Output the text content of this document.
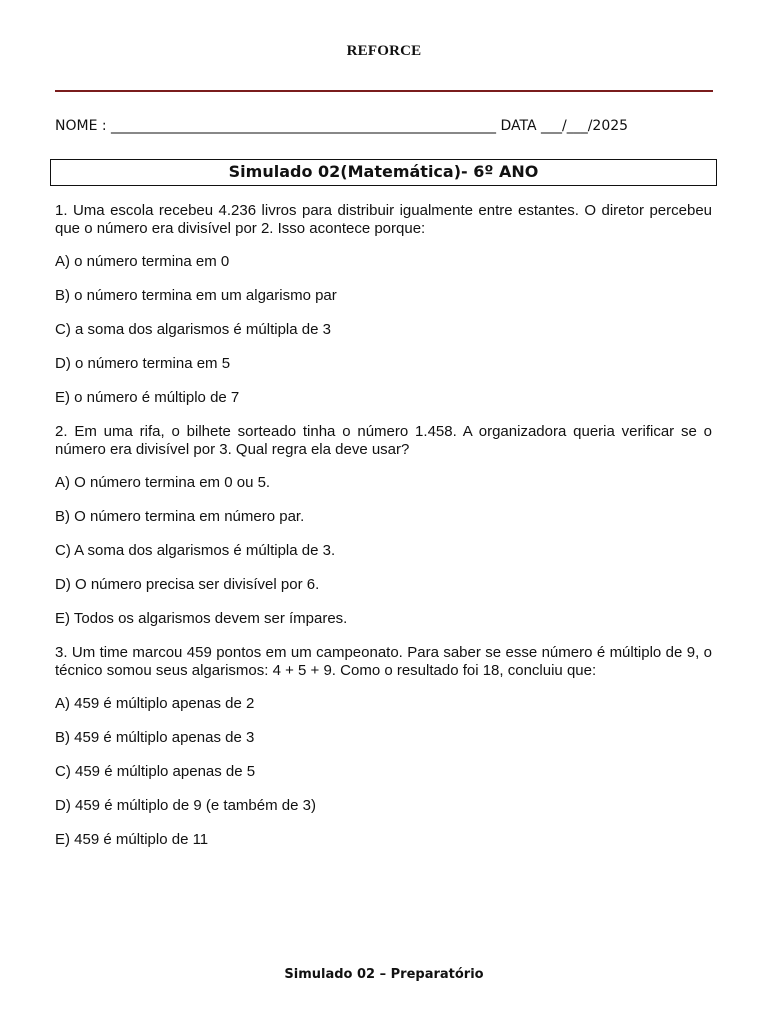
REFORCE
NOME : _______________________________________________________ DATA ___/___/2025
Simulado 02(Matemática)- 6º ANO
1. Uma escola recebeu 4.236 livros para distribuir igualmente entre estantes. O diretor percebeu que o número era divisível por 2. Isso acontece porque:
A) o número termina em 0
B) o número termina em um algarismo par
C) a soma dos algarismos é múltipla de 3
D) o número termina em 5
E) o número é múltiplo de 7
2. Em uma rifa, o bilhete sorteado tinha o número 1.458. A organizadora queria verificar se o número era divisível por 3. Qual regra ela deve usar?
A) O número termina em 0 ou 5.
B) O número termina em número par.
C) A soma dos algarismos é múltipla de 3.
D) O número precisa ser divisível por 6.
E) Todos os algarismos devem ser ímpares.
3. Um time marcou 459 pontos em um campeonato. Para saber se esse número é múltiplo de 9, o técnico somou seus algarismos: 4 + 5 + 9. Como o resultado foi 18, concluiu que:
A) 459 é múltiplo apenas de 2
B) 459 é múltiplo apenas de 3
C) 459 é múltiplo apenas de 5
D) 459 é múltiplo de 9 (e também de 3)
E) 459 é múltiplo de 11
Simulado 02 – Preparatório
